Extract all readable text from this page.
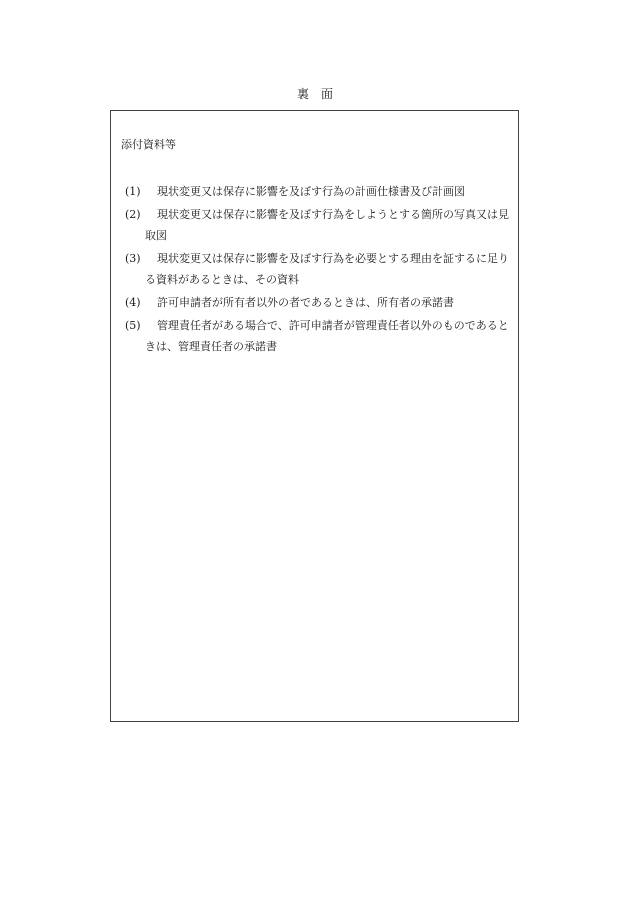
裏　面
添付資料等
(1)	現状変更又は保存に影響を及ぼす行為の計画仕様書及び計画図
(2)	現状変更又は保存に影響を及ぼす行為をしようとする箇所の写真又は見取図
(3)	現状変更又は保存に影響を及ぼす行為を必要とする理由を証するに足りる資料があるときは、その資料
(4)	許可申請者が所有者以外の者であるときは、所有者の承諾書
(5)	管理責任者がある場合で、許可申請者が管理責任者以外のものであるときは、管理責任者の承諾書
